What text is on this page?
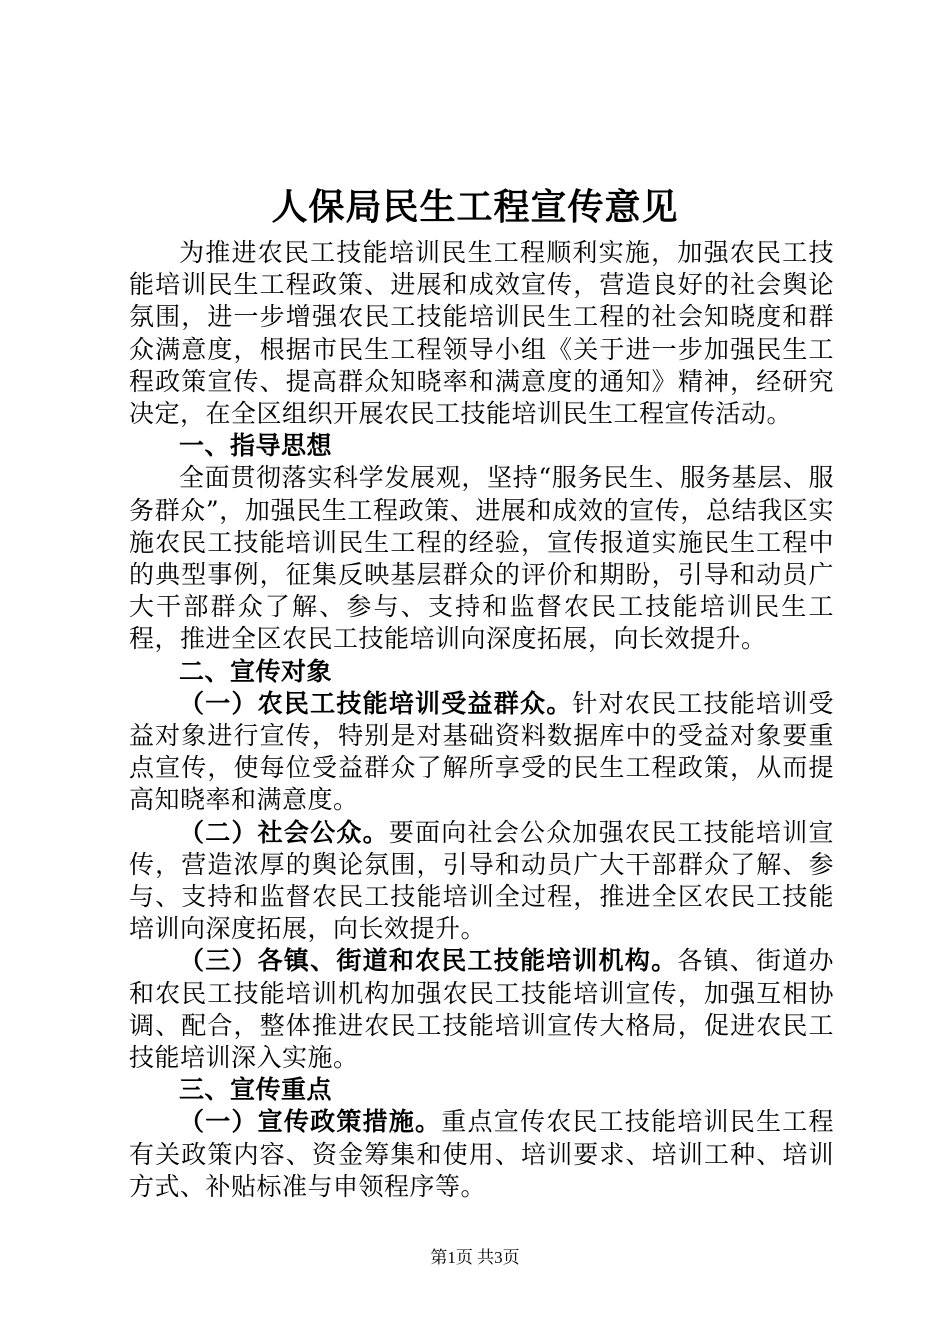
人保局民生工程宣传意见

为推进农民工技能培训民生工程顺利实施，加强农民工技能培训民生工程政策、进展和成效宣传，营造良好的社会舆论氛围，进一步增强农民工技能培训民生工程的社会知晓度和群众满意度，根据市民生工程领导小组《关于进一步加强民生工程政策宣传、提高群众知晓率和满意度的通知》精神，经研究决定，在全区组织开展农民工技能培训民生工程宣传活动。

一、指导思想

全面贯彻落实科学发展观，坚持“服务民生、服务基层、服务群众”，加强民生工程政策、进展和成效的宣传，总结我区实施农民工技能培训民生工程的经验，宣传报道实施民生工程中的典型事例，征集反映基层群众的评价和期盼，引导和动员广大干部群众了解、参与、支持和监督农民工技能培训民生工程，推进全区农民工技能培训向深度拓展，向长效提升。

二、宣传对象

（一）农民工技能培训受益群众。针对农民工技能培训受益对象进行宣传，特别是对基础资料数据库中的受益对象要重点宣传，使每位受益群众了解所享受的民生工程政策，从而提高知晓率和满意度。

（二）社会公众。要面向社会公众加强农民工技能培训宣传，营造浓厚的舆论氛围，引导和动员广大干部群众了解、参与、支持和监督农民工技能培训全过程，推进全区农民工技能培训向深度拓展，向长效提升。

（三）各镇、街道和农民工技能培训机构。各镇、街道办和农民工技能培训机构加强农民工技能培训宣传，加强互相协调、配合，整体推进农民工技能培训宣传大格局，促进农民工技能培训深入实施。

三、宣传重点

（一）宣传政策措施。重点宣传农民工技能培训民生工程有关政策内容、资金筹集和使用、培训要求、培训工种、培训方式、补贴标准与申领程序等。

第1页 共3页
